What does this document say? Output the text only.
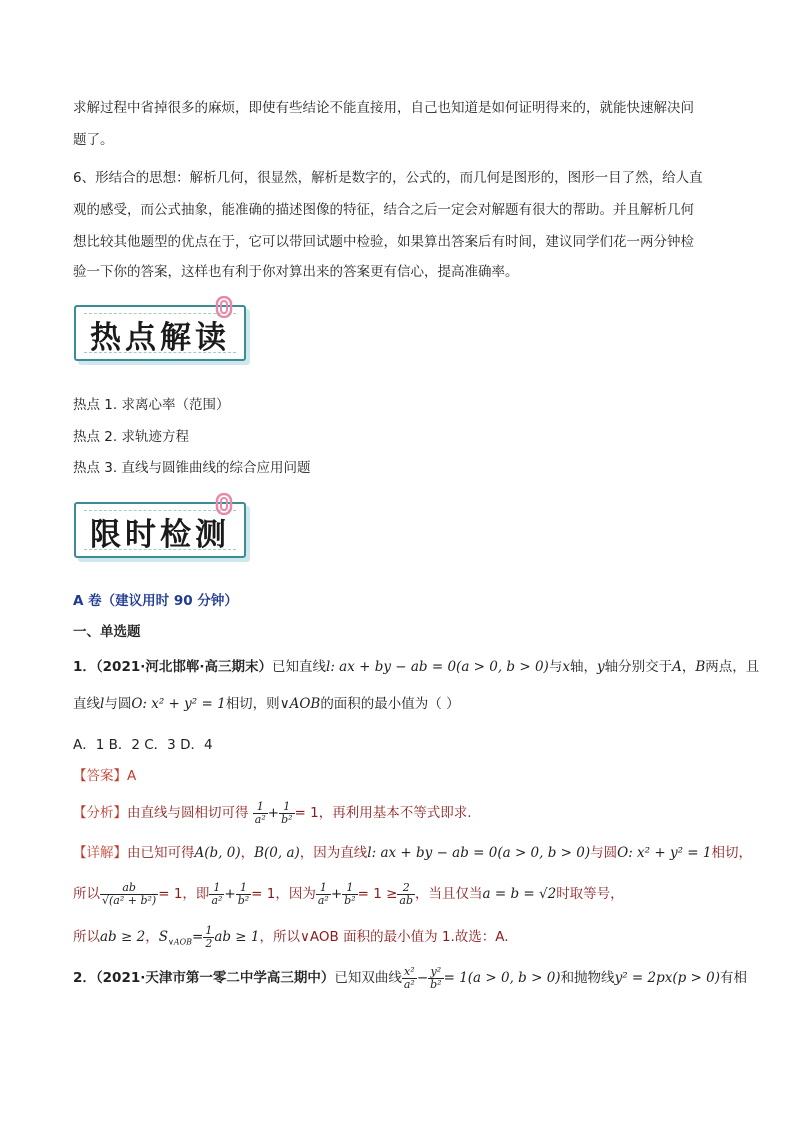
求解过程中省掉很多的麻烦，即使有些结论不能直接用，自己也知道是如何证明得来的，就能快速解决问
题了。
6、形结合的思想：解析几何，很显然，解析是数字的，公式的，而几何是图形的，图形一目了然，给人直
观的感受，而公式抽象，能准确的描述图像的特征，结合之后一定会对解题有很大的帮助。并且解析几何
想比较其他题型的优点在于，它可以带回试题中检验，如果算出答案后有时间，建议同学们花一两分钟检
验一下你的答案，这样也有利于你对算出来的答案更有信心，提高准确率。
热点解读
热点 1. 求离心率（范围）
热点 2. 求轨迹方程
热点 3. 直线与圆锥曲线的综合应用问题
限时检测
A 卷（建议用时 90 分钟）
一、单选题
1．（2021·河北邯郸·高三期末）已知直线l: ax + by − ab = 0(a > 0, b > 0)与x轴，y轴分别交于A，B两点，且
直线l与圆O: x² + y² = 1相切，则∨AOB的面积的最小值为（ ）
A．1 B．2 C．3 D．4
【答案】A
【分析】由直线与圆相切可得 $\frac{1}{\text{a²}} + \frac{1}{\text{b²}} = 1$，再利用基本不等式即求.
【详解】由已知可得A(b, 0)，B(0, a)，因为直线l: ax + by − ab = 0(a > 0, b > 0)与圆O: x² + y² = 1相切，
所以 $\frac{ab}{\text{√(a² + b²)}} = 1$，即 $\frac{1}{\text{a²}} + \frac{1}{\text{b²}} = 1$，因为 $\frac{1}{\text{a²}} + \frac{1}{\text{b²}} = 1 \ge \frac{2}{ab}$ ，当且仅当a = b = √2时取等号，
所以ab ≥ 2，$S_{\vee AOB}= \frac{1}{2}$ ab ≥ 1，所以∨AOB 面积的最小值为 1.故选：A.
2．（2021·天津市第一零二中学高三期中）已知双曲线 $\frac{\text{x²}}{\text{a²}} - \frac{\text{y²}}{\text{b²}} = 1(a > 0$, b > 0)和抛物线y² = 2px(p > 0)有相
